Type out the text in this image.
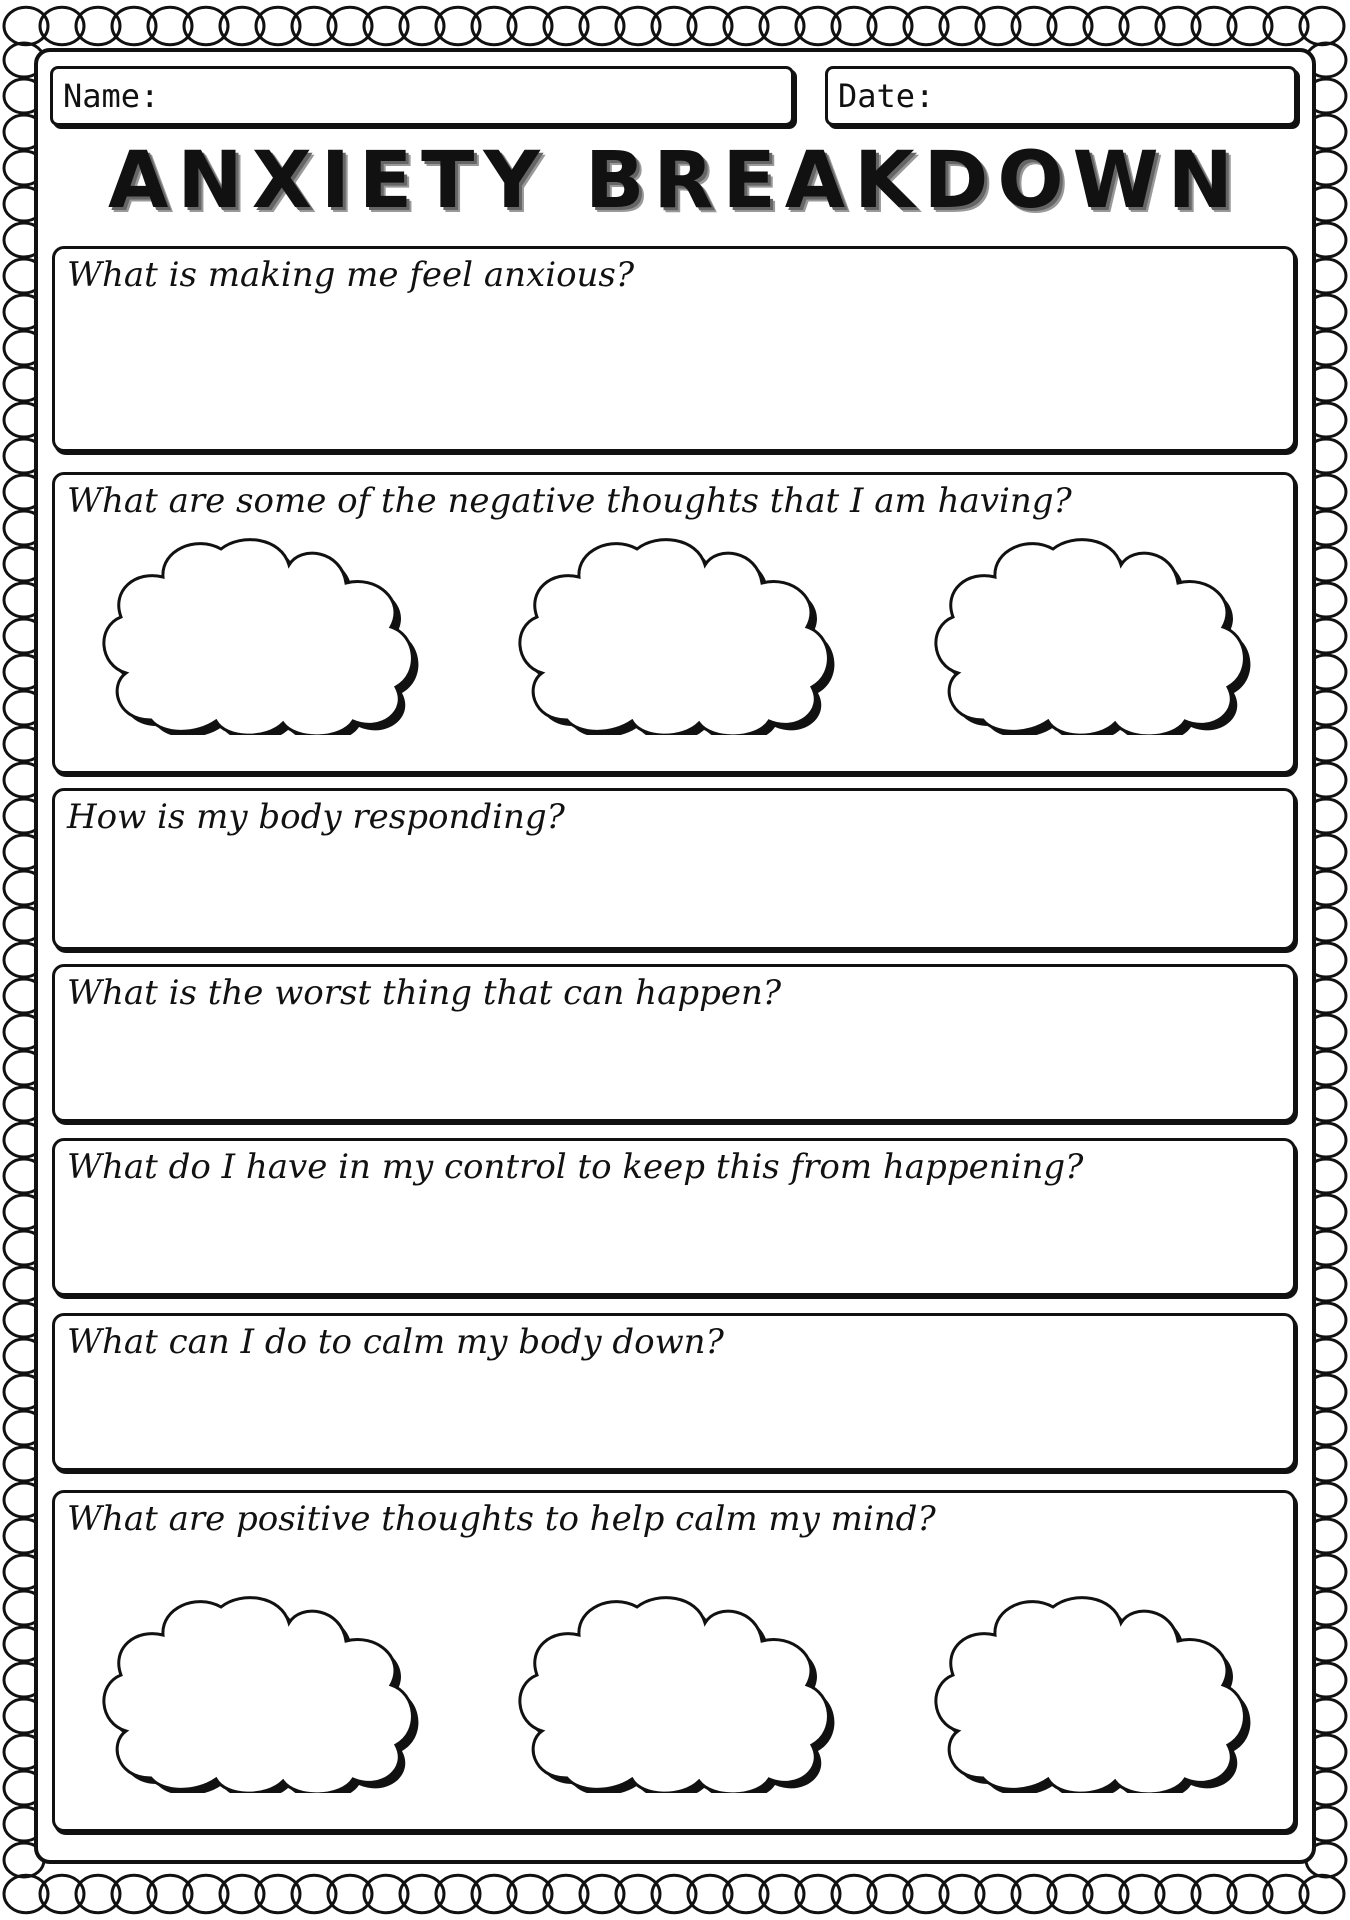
Name:	Date:
ANXIETY BREAKDOWN
What is making me feel anxious?
What are some of the negative thoughts that I am having?
How is my body responding?
What is the worst thing that can happen?
What do I have in my control to keep this from happening?
What can I do to calm my body down?
What are positive thoughts to help calm my mind?
